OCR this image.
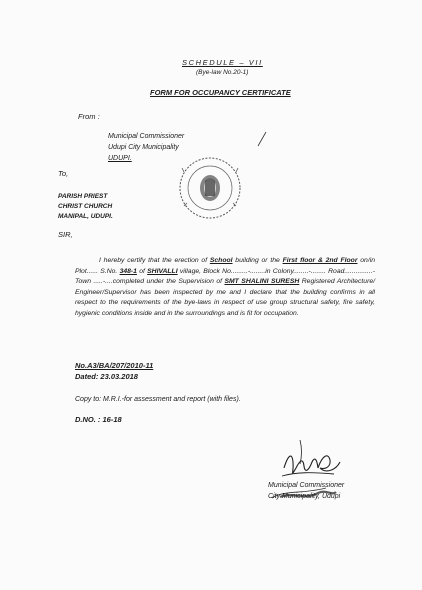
SCHEDULE – VII
(Bye-law No.20-1)
FORM FOR OCCUPANCY CERTIFICATE
From :
Municipal Commissioner
Udupi City Municipality
UDUPI.
To,
PARISH PRIEST
CHRIST CHURCH
MANIPAL, UDUPI.
SIR,
I hereby certify that the erection of School building or the First floor & 2nd Floor on/in Plot...... S.No. 348-1 of SHIVALLI village, Block No.........-........in Colony........-........ Road...............-Town .....-....completed under the Supervision of SMT SHALINI SURESH Registered Architecture/ Engineer/Supervisor has been inspected by me and I declare that the building confirms in all respect to the requirements of the bye-laws in respect of use group structural safety, fire safety, hygienic conditions inside and in the surroundings and is fit for occupation.
No.A3/BA/207/2010-11
Dated: 23.03.2018
Copy to: M.R.I.-for assessment and report (with files).
D.NO. : 16-18
Municipal Commissioner
City Municipality, Udupi
